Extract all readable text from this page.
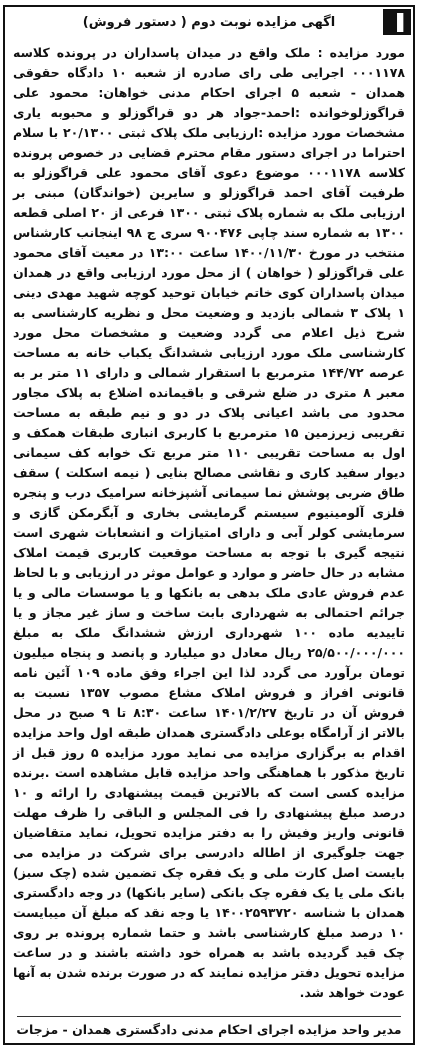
▐
اگهی مزایده نوبت دوم ( دستور فروش)

مورد مزایده : ملک واقع در میدان پاسداران در پرونده کلاسه ۰۰۰۱۱۷۸ اجرایی طی رای صادره از شعبه ۱۰ دادگاه حقوقی همدان - شعبه ۵ اجرای احکام مدنی خواهان: محمود علی قراگوزلوخوانده :احمد-جواد هر دو قراگوزلو و محبوبه یاری مشخصات مورد مزایده :ارزیابی ملک پلاک ثبتی ۲۰/۱۳۰۰ با سلام احتراما در اجرای دستور مقام محترم قضایی در خصوص پرونده کلاسه ۰۰۰۱۱۷۸ موضوع دعوی آقای محمود علی قراگوزلو به طرفیت آقای احمد قراگوزلو و سایرین (خواندگان) مبنی بر ارزیابی ملک به شماره پلاک ثبتی ۱۳۰۰ فرعی از ۲۰ اصلی قطعه ۱۳۰۰ به شماره سند چاپی ۹۰۰۴۷۶ سری ج ۹۸ اینجانب کارشناس منتخب در مورخ ۱۴۰۰/۱۱/۳۰ ساعت ۱۳:۰۰ در معیت آقای محمود علی قراگوزلو ( خواهان ) از محل مورد ارزیابی واقع در همدان میدان پاسداران کوی خاتم خیابان توحید کوچه شهید مهدی دینی ۱ پلاک ۳ شمالی بازدید و وضعیت محل و نظریه کارشناسی به شرح ذیل اعلام می گردد وضعیت و مشخصات محل مورد کارشناسی ملک مورد ارزیابی ششدانگ یکباب خانه به مساحت عرصه ۱۴۴/۷۲ مترمربع با استقرار شمالی و دارای ۱۱ متر بر به معبر ۸ متری در ضلع شرقی و باقیمانده اضلاع به پلاک مجاور محدود می باشد اعیانی پلاک در دو و نیم طبقه به مساحت تقریبی زیرزمین ۱۵ مترمربع با کاربری انباری طبقات همکف و اول به مساحت تقریبی ۱۱۰ متر مربع تک خوابه کف سیمانی دیوار سفید کاری و نقاشی مصالح بنایی ( نیمه اسکلت ) سقف طاق ضربی پوشش نما سیمانی آشپزخانه سرامیک درب و پنجره فلزی آلومینیوم سیستم گرمایشی بخاری و آبگرمکن گازی و سرمایشی کولر آبی و دارای امتیازات و انشعابات شهری است نتیجه گیری با توجه به مساحت موقعیت کاربری قیمت املاک مشابه در حال حاضر و موارد و عوامل موثر در ارزیابی و با لحاظ عدم فروش عادی ملک بدهی به بانکها و یا موسسات مالی و یا جرائم احتمالی به شهرداری بابت ساخت و ساز غیر مجاز و یا تاییدیه ماده ۱۰۰ شهرداری ارزش ششدانگ ملک به مبلغ ۲۵/۵۰۰/۰۰۰/۰۰۰ ریال معادل دو میلیارد و پانصد و پنجاه میلیون تومان برآورد می گردد لذا این اجراء وفق ماده ۱۰۹ آئین نامه قانونی افراز و فروش املاک مشاع مصوب ۱۳۵۷ نسبت به فروش آن در تاریخ ۱۴۰۱/۲/۲۷ ساعت ۸:۳۰ تا ۹ صبح در محل بالاتر از آرامگاه بوعلی دادگستری همدان طبقه اول واحد مزایده اقدام به برگزاری مزایده می نماید مورد مزایده ۵ روز قبل از تاریخ مذکور با هماهنگی واحد مزایده قابل مشاهده است .برنده مزایده کسی است که بالاترین قیمت پیشنهادی را ارائه و ۱۰ درصد مبلغ پیشنهادی را فی المجلس و الباقی را ظرف مهلت قانونی واریز وفیش را به دفتر مزایده تحویل، نماید متقاضیان جهت جلوگیری از اطاله دادرسی برای شرکت در مزایده می بایست اصل کارت ملی و یک فقره چک تضمین شده (چک سبز) بانک ملی یا یک فقره چک بانکی (سایر بانکها) در وجه دادگستری همدان با شناسه ۱۴۰۰۲۵۹۳۷۲۰ یا وجه نقد که مبلغ آن میبایست ۱۰ درصد مبلغ کارشناسی باشد و حتما شماره پرونده بر روی چک قید گردیده باشد به همراه خود داشته باشند و در ساعت مزایده تحویل دفتر مزایده نمایند که در صورت برنده شدن به آنها عودت خواهد شد.

مدیر واحد مزایده اجرای احکام مدنی دادگستری همدان - مزجات
